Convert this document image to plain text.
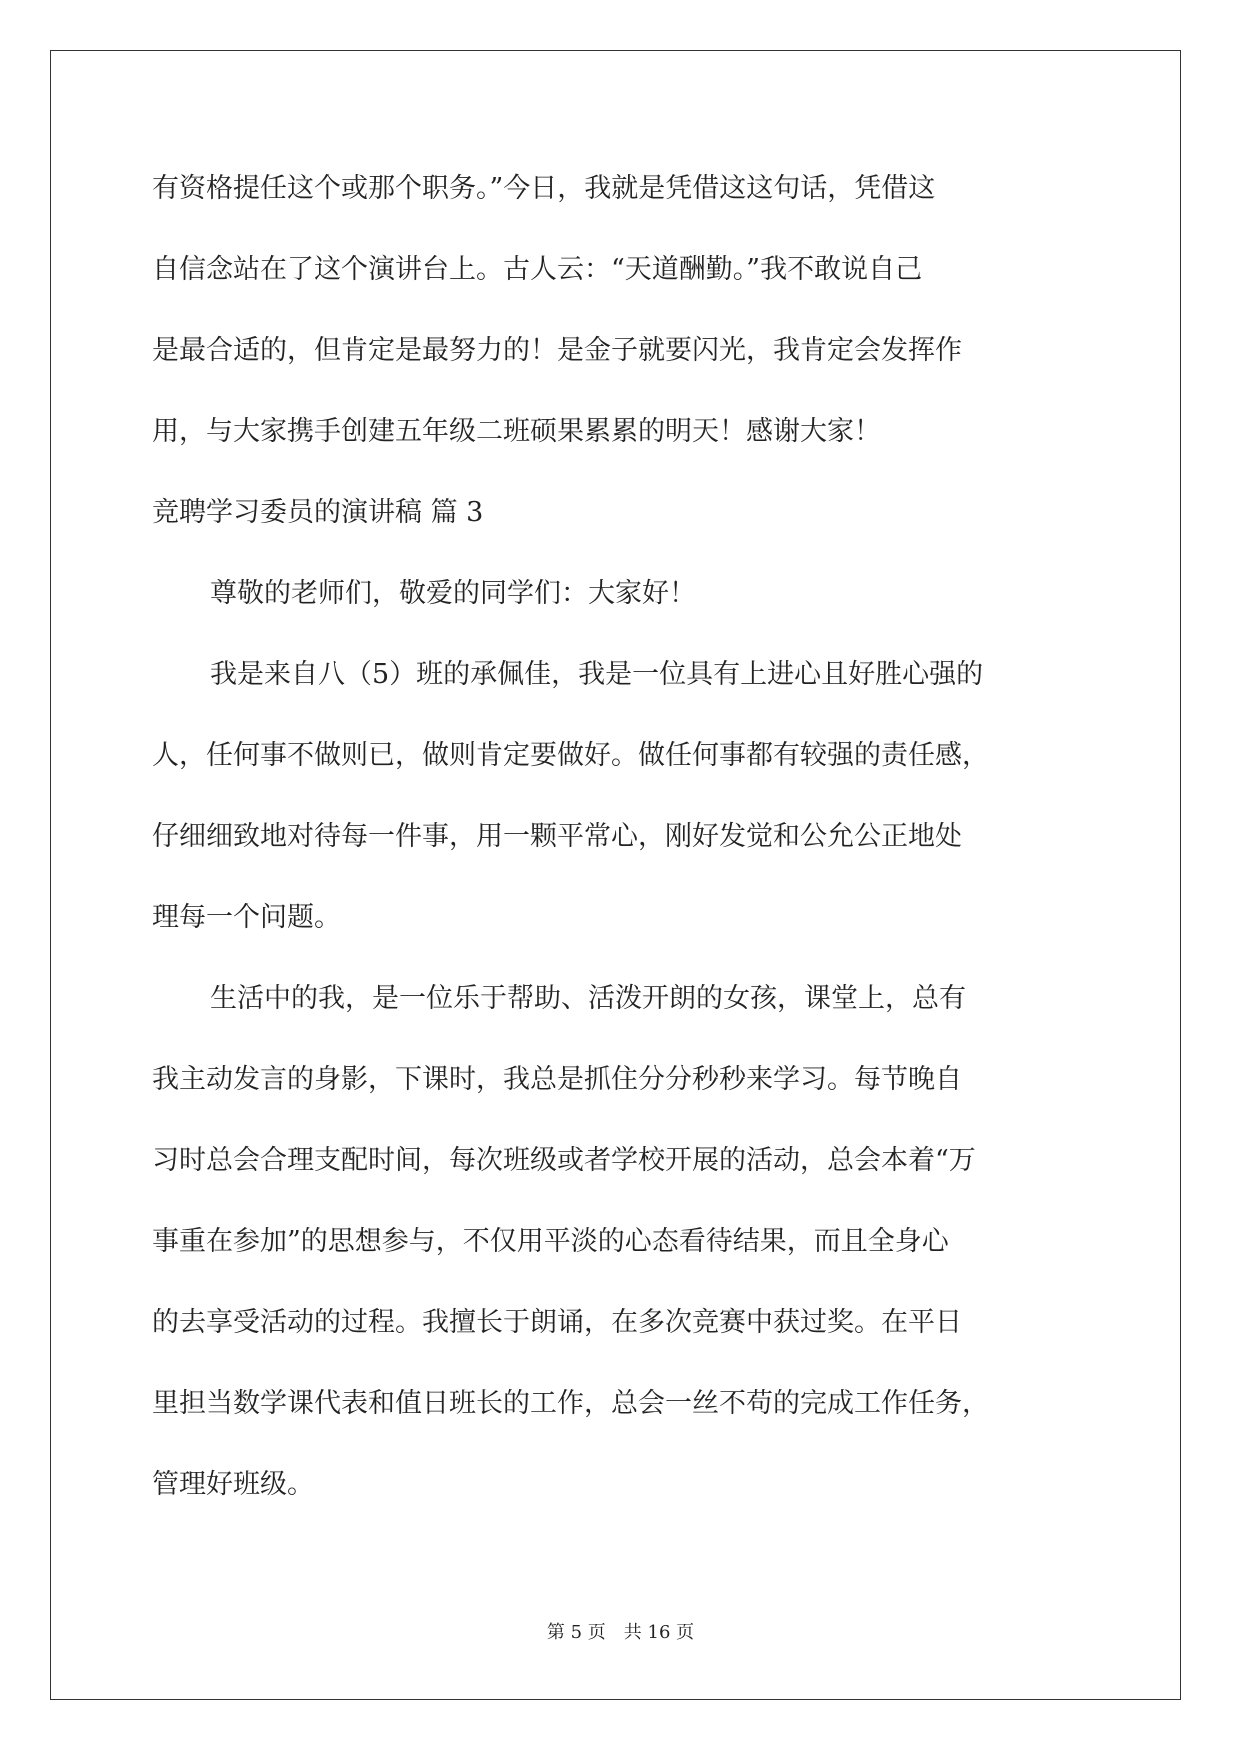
有资格提任这个或那个职务。”今日，我就是凭借这这句话，凭借这

自信念站在了这个演讲台上。古人云：“天道酬勤。”我不敢说自己

是最合适的，但肯定是最努力的！是金子就要闪光，我肯定会发挥作

用，与大家携手创建五年级二班硕果累累的明天！感谢大家！

竞聘学习委员的演讲稿 篇 3

尊敬的老师们，敬爱的同学们：大家好！

我是来自八（5）班的承佩佳，我是一位具有上进心且好胜心强的

人，任何事不做则已，做则肯定要做好。做任何事都有较强的责任感，

仔细细致地对待每一件事，用一颗平常心，刚好发觉和公允公正地处

理每一个问题。

生活中的我，是一位乐于帮助、活泼开朗的女孩，课堂上，总有

我主动发言的身影，下课时，我总是抓住分分秒秒来学习。每节晚自

习时总会合理支配时间，每次班级或者学校开展的活动，总会本着“万

事重在参加”的思想参与，不仅用平淡的心态看待结果，而且全身心

的去享受活动的过程。我擅长于朗诵，在多次竞赛中获过奖。在平日

里担当数学课代表和值日班长的工作，总会一丝不苟的完成工作任务，

管理好班级。

第 5 页 共 16 页
